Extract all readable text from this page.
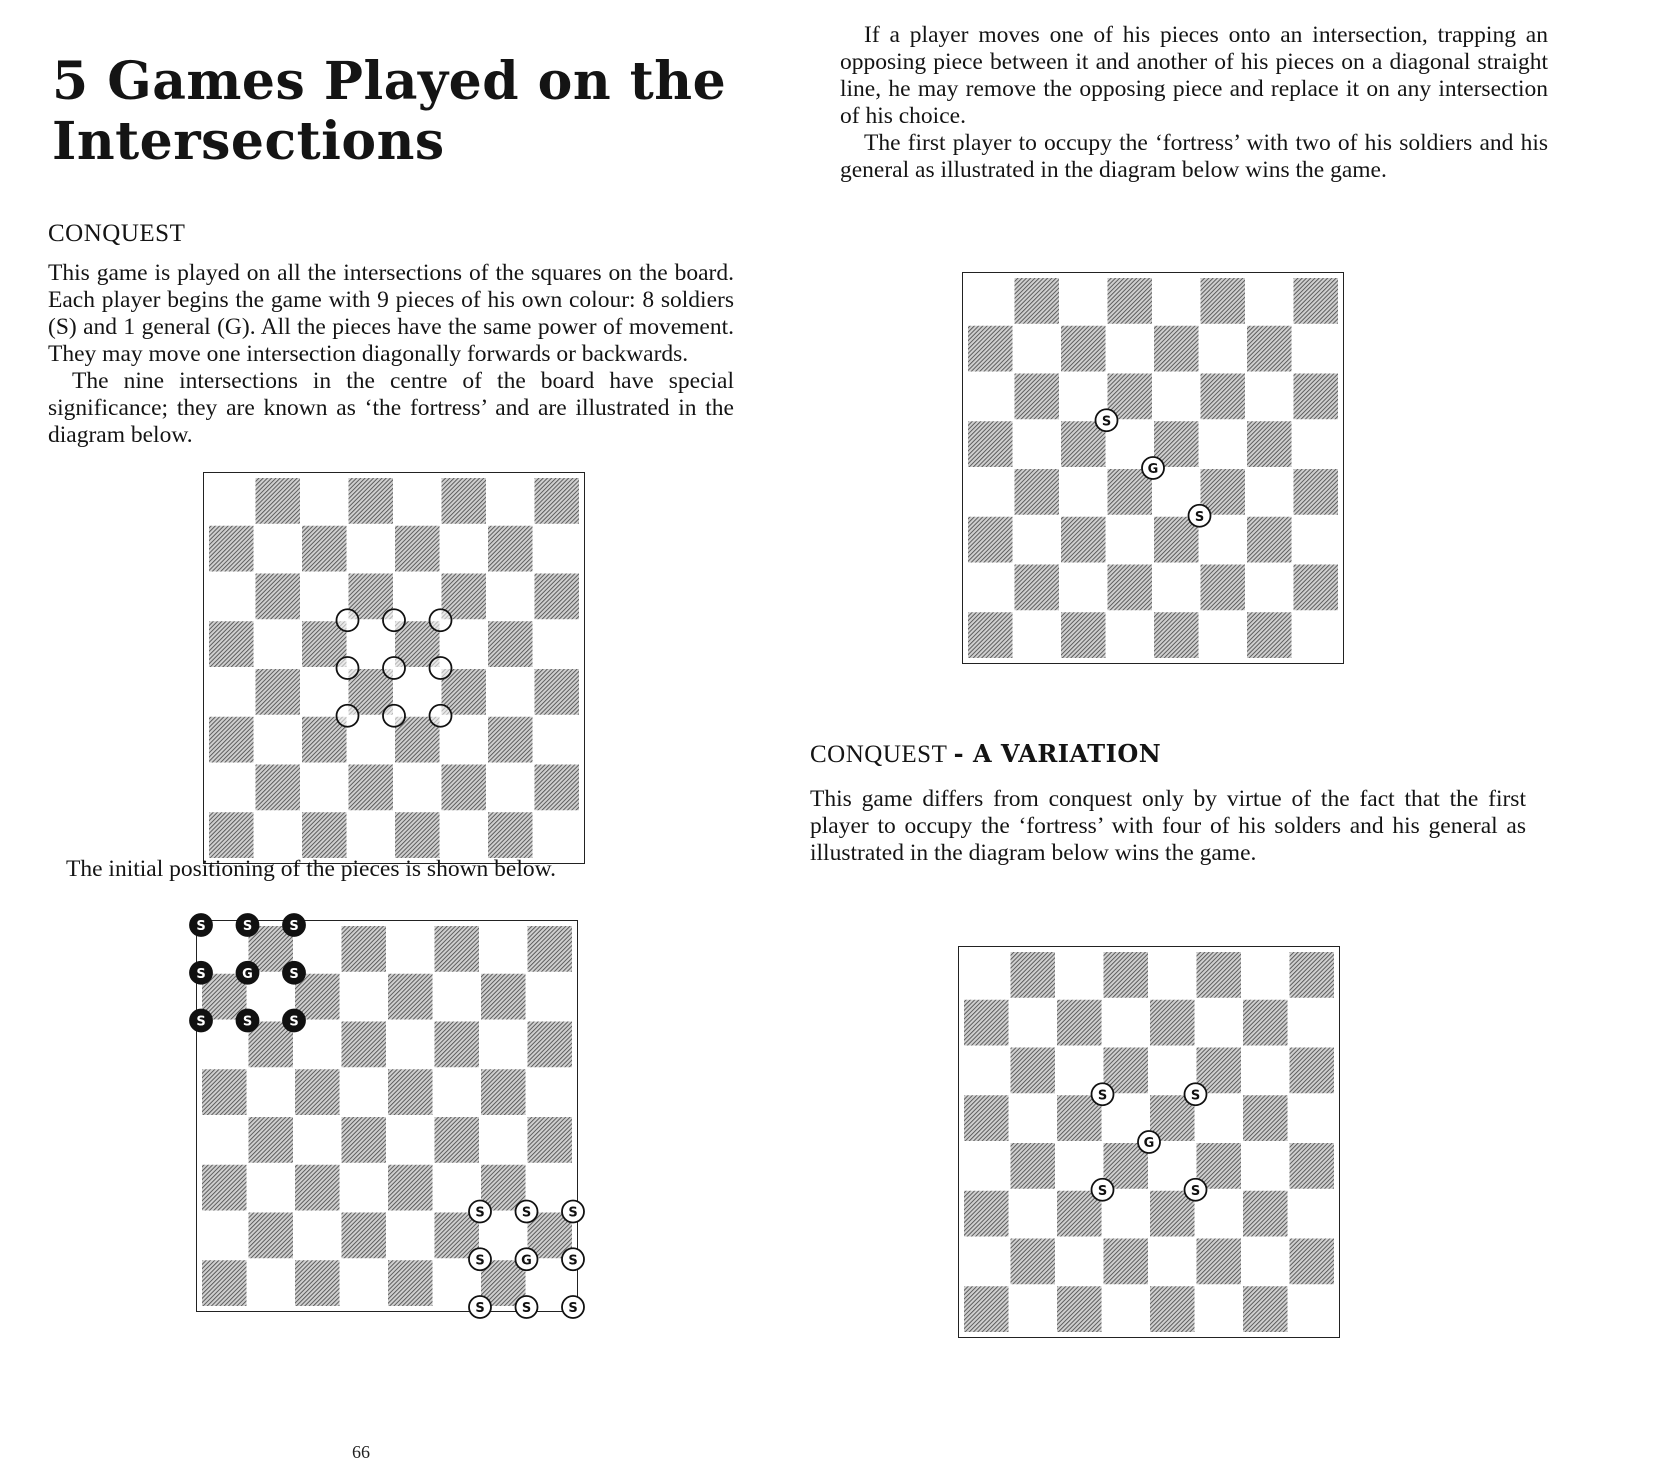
5 Games Played on the
Intersections
CONQUEST

This game is played on all the intersections of the squares on the board. Each player begins the game with 9 pieces of his own colour: 8 soldiers (S) and 1 general (G). All the pieces have the same power of movement. They may move one intersection diagonally forwards or backwards.

The nine intersections in the centre of the board have special significance; they are known as ‘the fortress’ and are illustrated in the diagram below.

The initial positioning of the pieces is shown below.
S	S	S
S	G	S
S	S	S
S	S	S
S	G	S
S	S	S
66

If a player moves one of his pieces onto an intersection, trapping an opposing piece between it and another of his pieces on a diagonal straight line, he may remove the opposing piece and replace it on any intersection of his choice.

The first player to occupy the ‘fortress’ with two of his soldiers and his general as illustrated in the diagram below wins the game.

S
G
S
CONQUEST - A VARIATION

This game differs from conquest only by virtue of the fact that the first player to occupy the ‘fortress’ with four of his solders and his general as illustrated in the diagram below wins the game.

S	S
G
S	S
